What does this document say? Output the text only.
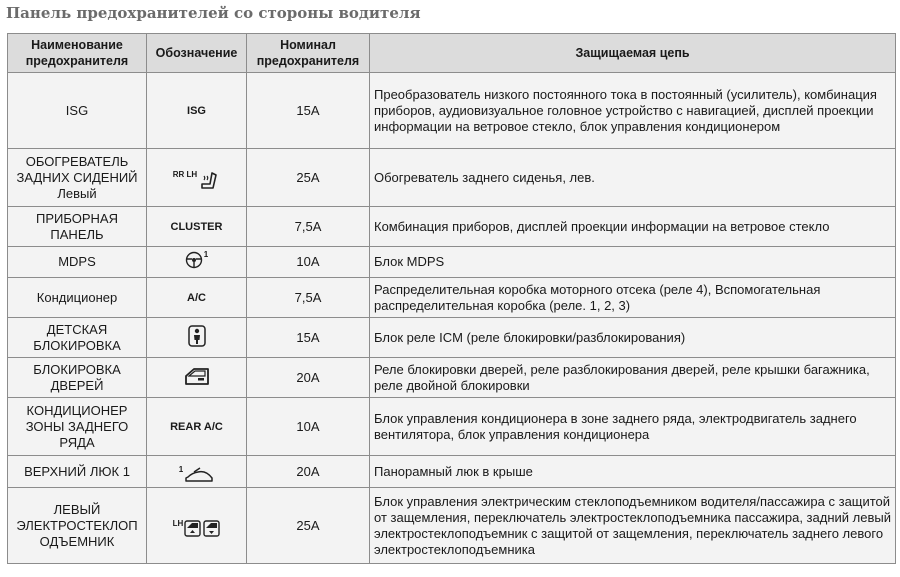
Панель предохранителей со стороны водителя
Наименование предохранителя	Обозначение	Номинал предохранителя	Защищаемая цепь
ISG	ISG	15А	Преобразователь низкого постоянного тока в постоянный (усилитель), комбинация приборов, аудиовизуальное головное устройство с навигацией, дисплей проекции информации на ветровое стекло, блок управления кондиционером
ОБОГРЕВАТЕЛЬ ЗАДНИХ СИДЕНИЙ Левый	RR LH	25А	Обогреватель заднего сиденья, лев.
ПРИБОРНАЯ ПАНЕЛЬ	CLUSTER	7,5А	Комбинация приборов, дисплей проекции информации на ветровое стекло
MDPS	1	10А	Блок MDPS
Кондиционер	A/C	7,5А	Распределительная коробка моторного отсека (реле 4), Вспомогательная распределительная коробка (реле. 1, 2, 3)
ДЕТСКАЯ БЛОКИРОВКА		15А	Блок реле ICM (реле блокировки/разблокирования)
БЛОКИРОВКА ДВЕРЕЙ		20А	Реле блокировки дверей, реле разблокирования дверей, реле крышки багажника, реле двойной блокировки
КОНДИЦИОНЕР ЗОНЫ ЗАДНЕГО РЯДА	REAR A/C	10А	Блок управления кондиционера в зоне заднего ряда, электродвигатель заднего вентилятора, блок управления кондиционера
ВЕРХНИЙ ЛЮК 1	1	20А	Панорамный люк в крыше
ЛЕВЫЙ ЭЛЕКТРОСТЕКЛОП ОДЪЕМНИК	LH	25А	Блок управления электрическим стеклоподъемником водителя/пассажира с защитой от защемления, переключатель электростеклоподъемника пассажира, задний левый электростеклоподъемник с защитой от защемления, переключатель заднего левого электростеклоподъемника
